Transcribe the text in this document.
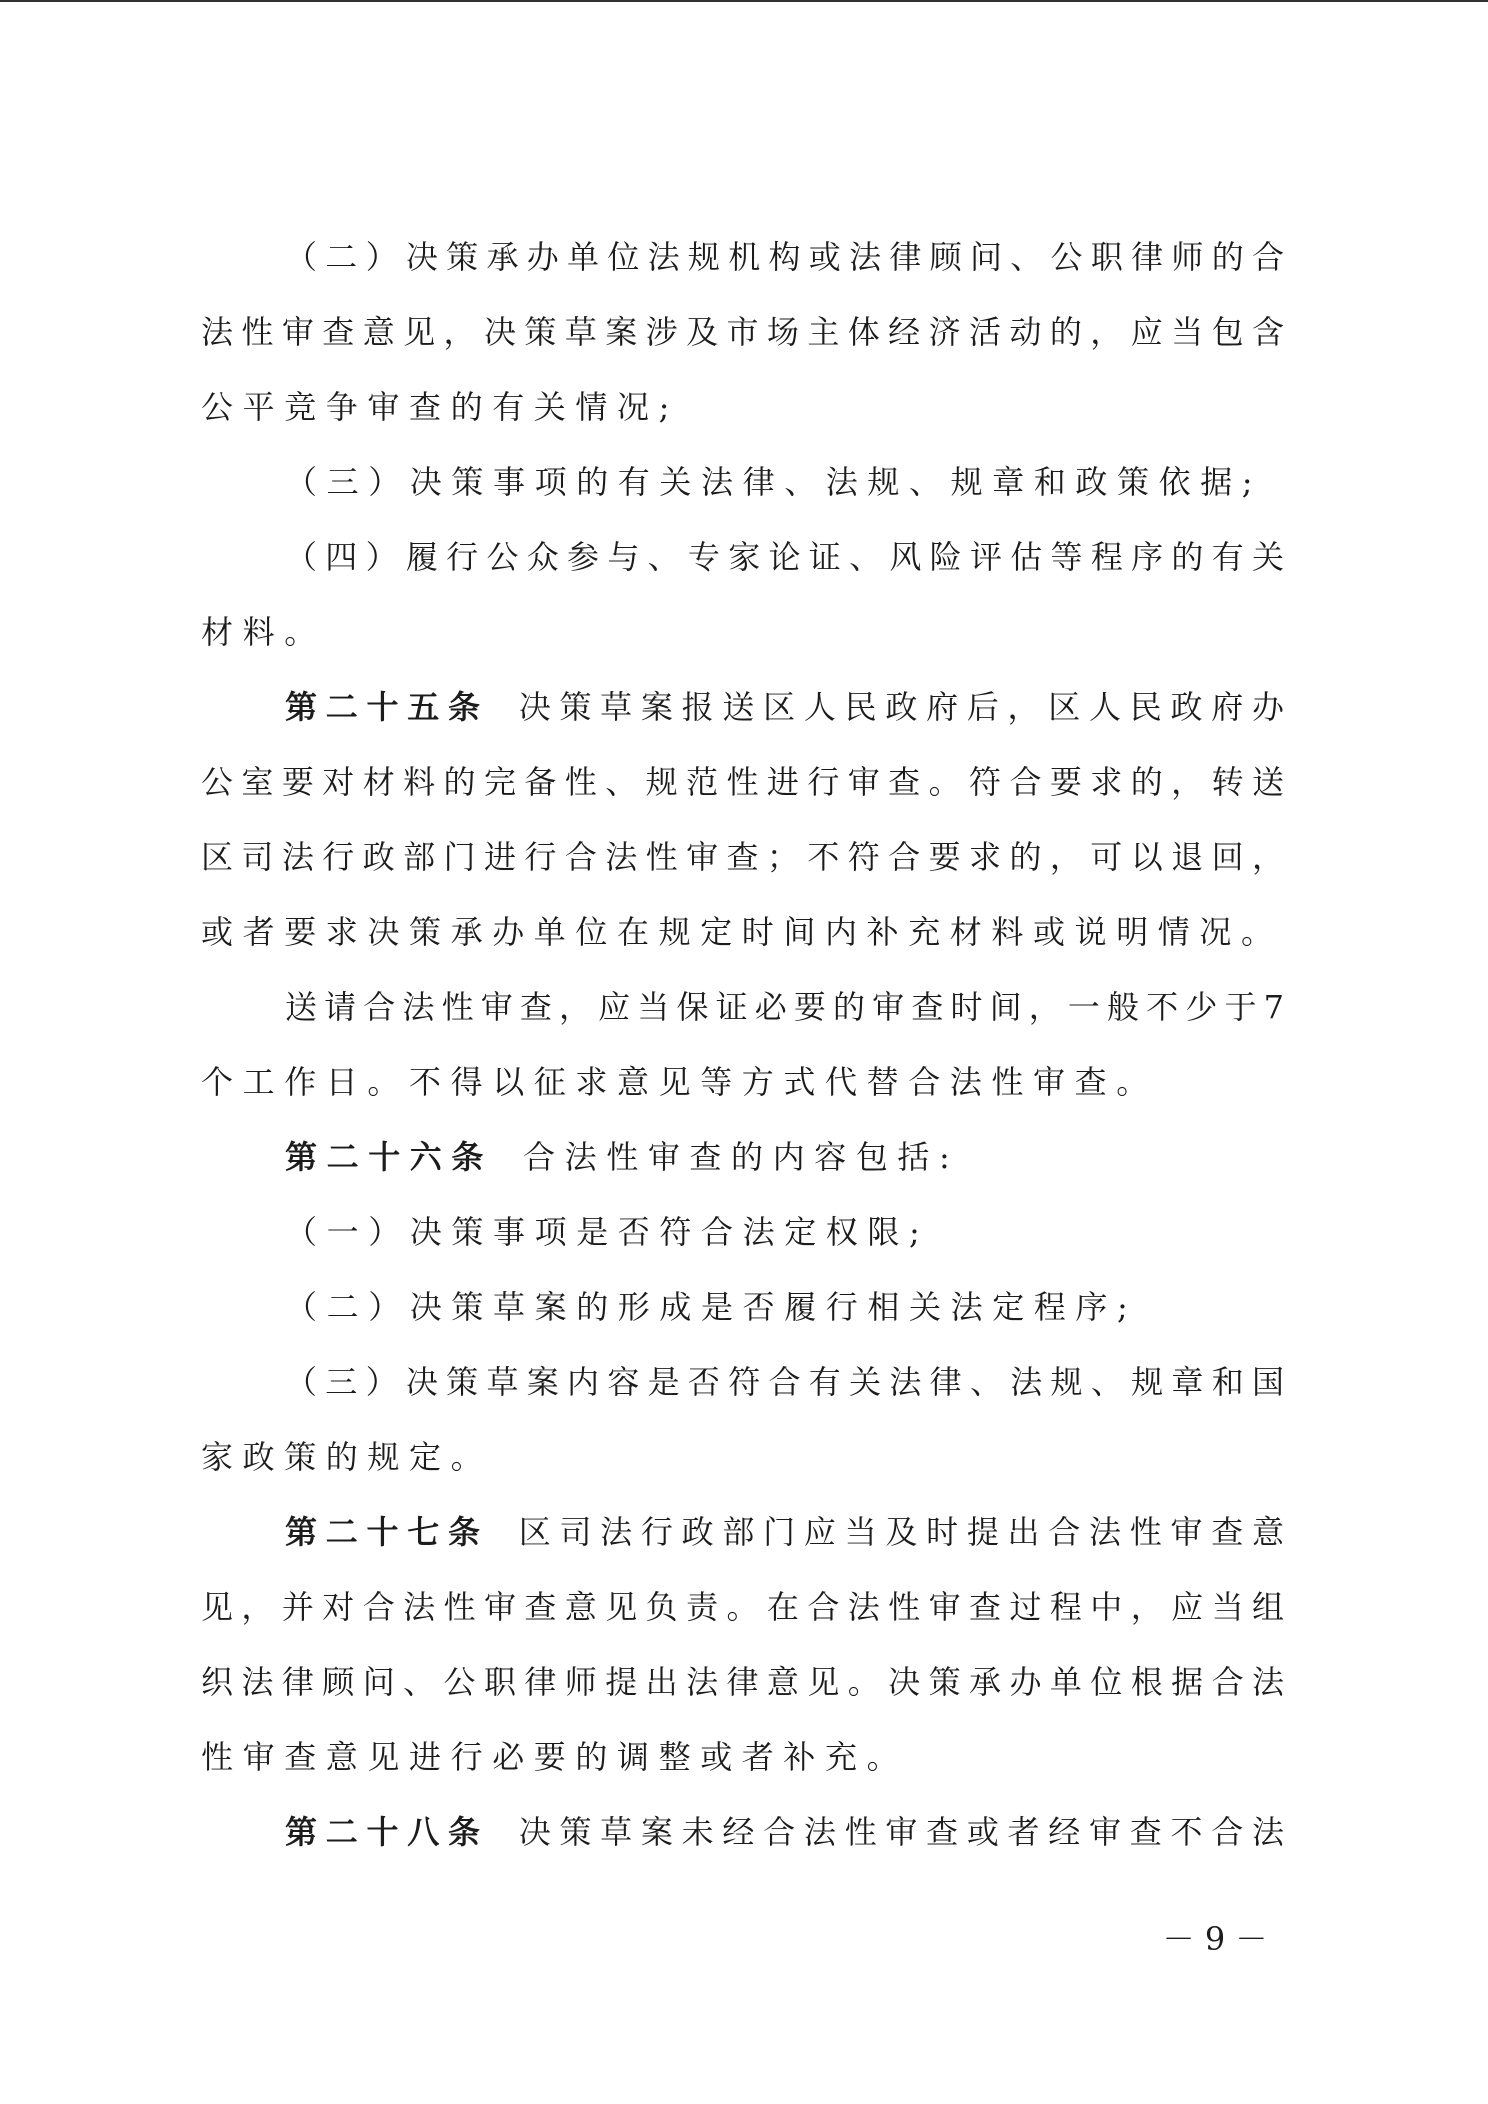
（二）决策承办单位法规机构或法律顾问、公职律师的合
法性审查意见，决策草案涉及市场主体经济活动的，应当包含
公平竞争审查的有关情况;
（三）决策事项的有关法律、法规、规章和政策依据;
（四）履行公众参与、专家论证、风险评估等程序的有关
材料。
第二十五条 决策草案报送区人民政府后，区人民政府办
公室要对材料的完备性、规范性进行审查。符合要求的，转送
区司法行政部门进行合法性审查；不符合要求的，可以退回，
或者要求决策承办单位在规定时间内补充材料或说明情况。
送请合法性审查，应当保证必要的审查时间，一般不少于7
个工作日。不得以征求意见等方式代替合法性审查。
第二十六条 合法性审查的内容包括:
（一）决策事项是否符合法定权限;
（二）决策草案的形成是否履行相关法定程序;
（三）决策草案内容是否符合有关法律、法规、规章和国
家政策的规定。
第二十七条 区司法行政部门应当及时提出合法性审查意
见，并对合法性审查意见负责。在合法性审查过程中，应当组
织法律顾问、公职律师提出法律意见。决策承办单位根据合法
性审查意见进行必要的调整或者补充。
第二十八条 决策草案未经合法性审查或者经审查不合法
－ 9 －
